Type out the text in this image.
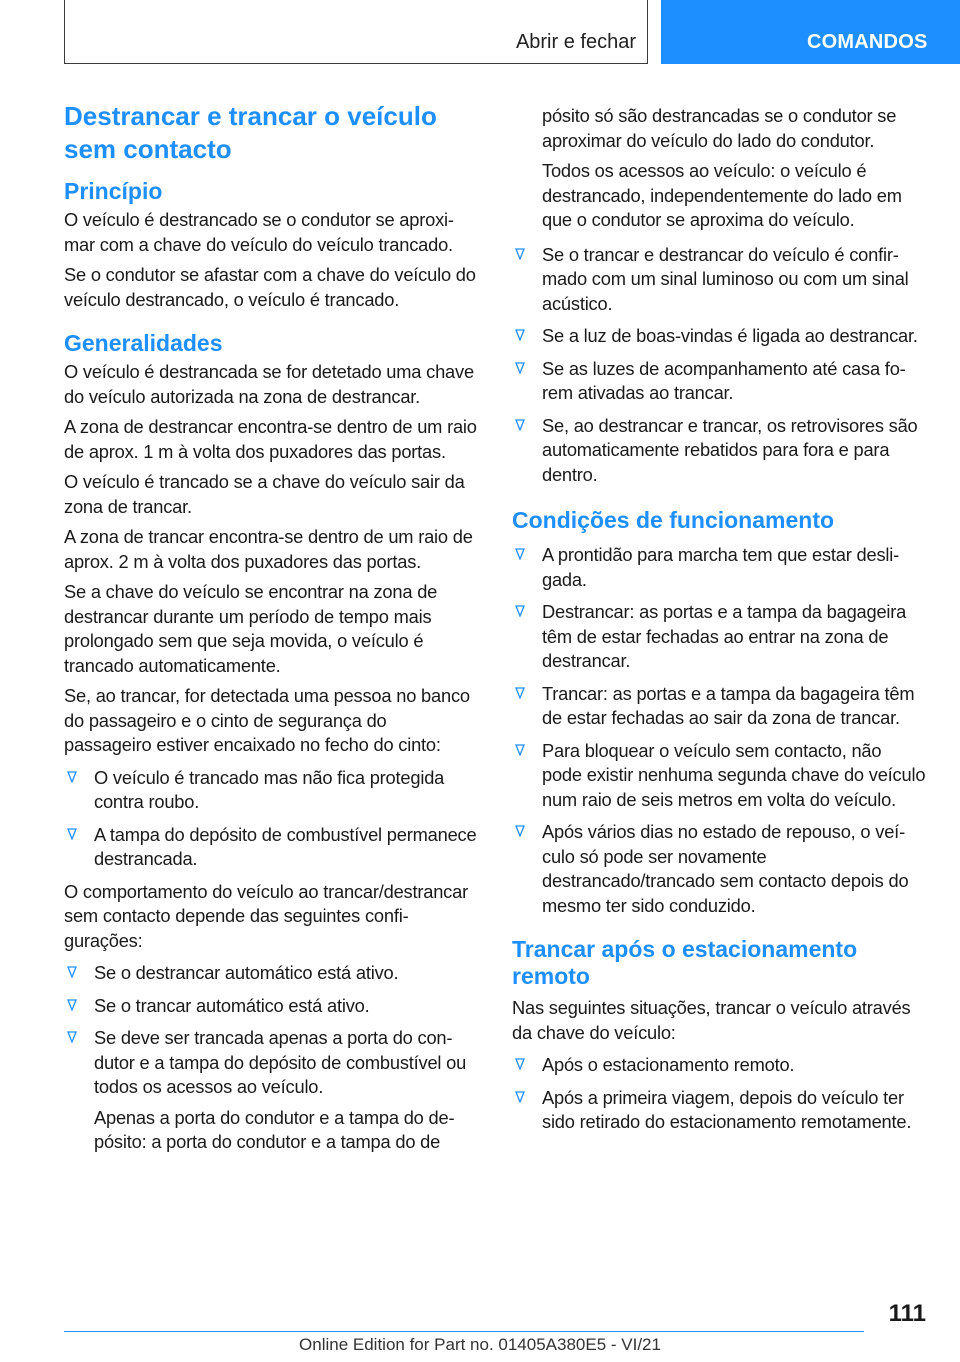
Abrir e fechar	COMANDOS
Destrancar e trancar o veículo sem contacto
Princípio

O veículo é destrancado se o condutor se aproximar com a chave do veículo do veículo trancado.

Se o condutor se afastar com a chave do veículo do veículo destrancado, o veículo é trancado.

Generalidades

O veículo é destrancada se for detetado uma chave do veículo autorizada na zona de destrancar.

A zona de destrancar encontra-se dentro de um raio de aprox. 1 m à volta dos puxadores das portas.

O veículo é trancado se a chave do veículo sair da zona de trancar.

A zona de trancar encontra-se dentro de um raio de aprox. 2 m à volta dos puxadores das portas.

Se a chave do veículo se encontrar na zona de destrancar durante um período de tempo mais prolongado sem que seja movida, o veículo é trancado automaticamente.

Se, ao trancar, for detectada uma pessoa no banco do passageiro e o cinto de segurança do passageiro estiver encaixado no fecho do cinto:

O veículo é trancado mas não fica protegida contra roubo.
A tampa do depósito de combustível permanece destrancada.

O comportamento do veículo ao trancar/destrancar sem contacto depende das seguintes configurações:

Se o destrancar automático está ativo.
Se o trancar automático está ativo.
Se deve ser trancada apenas a porta do condutor e a tampa do depósito de combustível ou todos os acessos ao veículo.
Apenas a porta do condutor e a tampa do depósito: a porta do condutor e a tampa do de
pósito só são destrancadas se o condutor se aproximar do veículo do lado do condutor.
Todos os acessos ao veículo: o veículo é destrancado, independentemente do lado em que o condutor se aproxima do veículo.
Se o trancar e destrancar do veículo é confirmado com um sinal luminoso ou com um sinal acústico.
Se a luz de boas-vindas é ligada ao destrancar.
Se as luzes de acompanhamento até casa forem ativadas ao trancar.
Se, ao destrancar e trancar, os retrovisores são automaticamente rebatidos para fora e para dentro.
Condições de funcionamento
A prontidão para marcha tem que estar desligada.
Destrancar: as portas e a tampa da bagageira têm de estar fechadas ao entrar na zona de destrancar.
Trancar: as portas e a tampa da bagageira têm de estar fechadas ao sair da zona de trancar.
Para bloquear o veículo sem contacto, não pode existir nenhuma segunda chave do veículo num raio de seis metros em volta do veículo.
Após vários dias no estado de repouso, o veículo só pode ser novamente destrancado/trancado sem contacto depois do mesmo ter sido conduzido.
Trancar após o estacionamento remoto

Nas seguintes situações, trancar o veículo através da chave do veículo:

Após o estacionamento remoto.
Após a primeira viagem, depois do veículo ter sido retirado do estacionamento remotamente.
111
Online Edition for Part no. 01405A380E5 - VI/21
